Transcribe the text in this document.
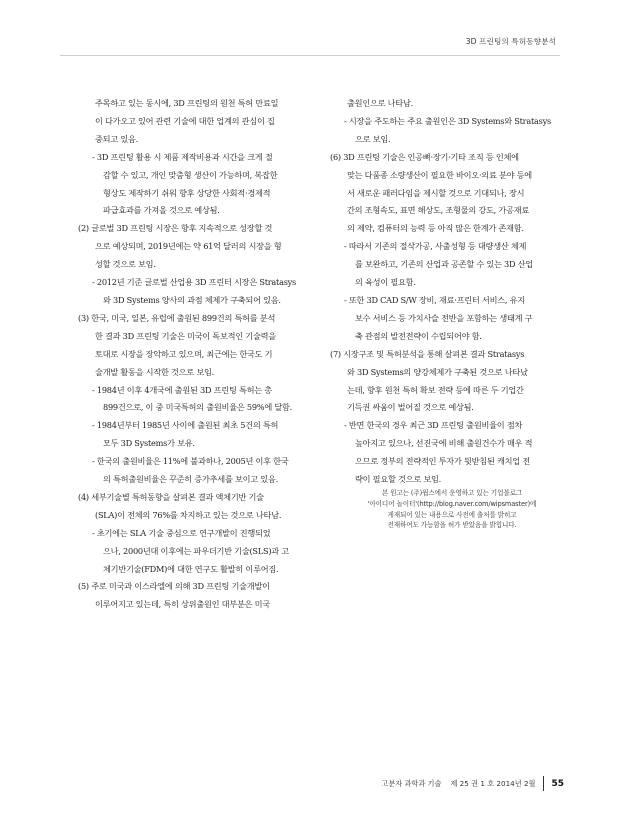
3D 프린팅의 특허동향분석

주목하고 있는 동시에, 3D 프린팅의 원천 특허 만료일

이 다가오고 있어 관련 기술에 대한 업계의 관심이 집

중되고 있음.

- 3D 프린팅 활용 시 제품 제작비용과 시간을 크게 절

감할 수 있고, 개인 맞춤형 생산이 가능하며, 복잡한

형상도 제작하기 쉬워 향후 상당한 사회적·경제적

파급효과를 가져올 것으로 예상됨.

(2) 글로벌 3D 프린팅 시장은 향후 지속적으로 성장할 것

으로 예상되며, 2019년에는 약 61억 달러의 시장을 형

성할 것으로 보임.

- 2012년 기준 글로벌 산업용 3D 프린터 시장은 Stratasys

와 3D Systems 양사의 과점 체제가 구축되어 있음.

(3) 한국, 미국, 일본, 유럽에 출원된 899건의 특허를 분석

한 결과 3D 프린팅 기술은 미국이 독보적인 기술력을

토대로 시장을 장악하고 있으며, 최근에는 한국도 기

술개발 활동을 시작한 것으로 보임.

- 1984년 이후 4개국에 출원된 3D 프린팅 특허는 총

899건으로, 이 중 미국특허의 출원비율은 59%에 달함.

- 1984년부터 1985년 사이에 출원된 최초 5건의 특허

모두 3D Systems가 보유.

- 한국의 출원비율은 11%에 불과하나, 2005년 이후 한국

의 특허출원비율은 꾸준히 증가추세를 보이고 있음.

(4) 세부기술별 특허동향을 살펴본 결과 액체기반 기술

(SLA)이 전체의 76%를 차지하고 있는 것으로 나타남.

- 초기에는 SLA 기술 중심으로 연구개발이 진행되었

으나, 2000년대 이후에는 파우더기반 기술(SLS)과 고

체기반기술(FDM)에 대한 연구도 활발히 이루어짐.

(5) 주로 미국과 이스라엘에 의해 3D 프린팅 기술개발이

이루어지고 있는데, 특히 상위출원인 대부분은 미국

출원인으로 나타남.

- 시장을 주도하는 주요 출원인은 3D Systems와 Stratasys

으로 보임.

(6) 3D 프린팅 기술은 인공뼈·장기·기타 조직 등 인체에

맞는 다품종 소량생산이 필요한 바이오·의료 분야 등에

서 새로운 패러다임을 제시할 것으로 기대되나, 장시

간의 조형속도, 표면 해상도, 조형물의 강도, 가공재료

의 제약, 컴퓨터의 능력 등 아직 많은 한계가 존재함.

- 따라서 기존의 절삭가공, 사출성형 등 대량생산 체제

를 보완하고, 기존의 산업과 공존할 수 있는 3D 산업

의 육성이 필요함.

- 또한 3D CAD S/W 장비, 재료·프린터 서비스, 유지

보수 서비스 등 가치사슬 전반을 포함하는 생태계 구

축 관점의 발전전략이 수립되어야 함.

(7) 시장구조 및 특허분석을 통해 살펴본 결과 Stratasys

와 3D Systems의 양강체제가 구축된 것으로 나타났

는데, 향후 원천 특허 확보 전략 등에 따른 두 기업간

기득권 싸움이 벌어질 것으로 예상됨.

- 반면 한국의 경우 최근 3D 프린팅 출원비율이 점차

높아지고 있으나, 선진국에 비해 출원건수가 매우 적

으므로 정부의 전략적인 투자가 뒷받침된 캐치업 전

략이 필요할 것으로 보임.

본 원고는 (주)윕스에서 운영하고 있는 기업블로그

'아이디어 놀이터'(http://blog.naver.com/wipsmaster)에

게재되어 있는 내용으로 사전에 출처를 밝히고

전재하여도 가능함을 허가 받았음을 밝힙니다.

고분자 과학과 기술 제 25 권 1 호 2014년 2월 55
